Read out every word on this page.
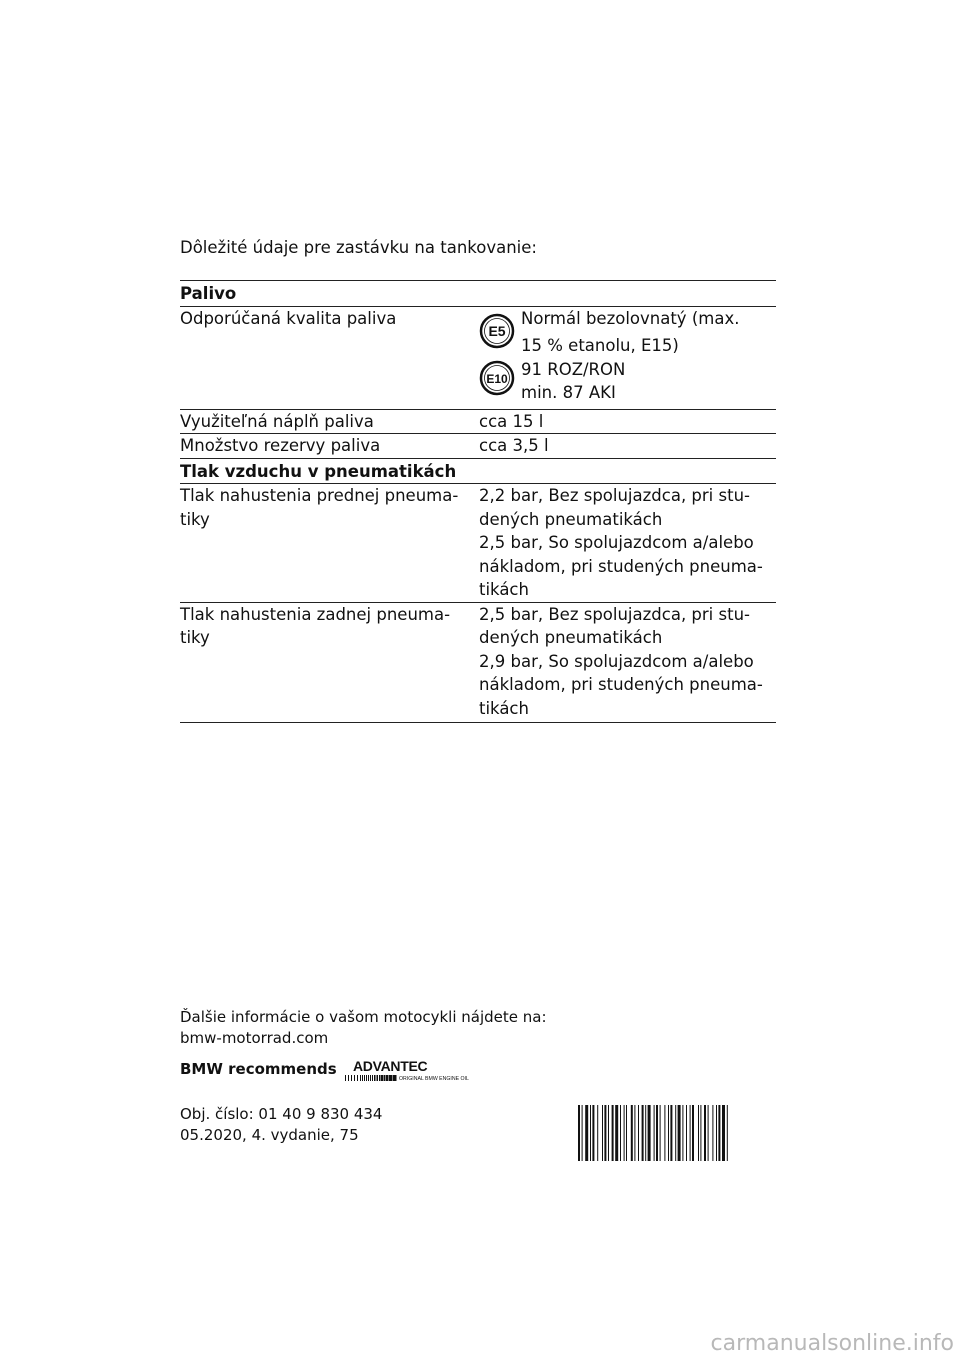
Dôležité údaje pre zastávku na tankovanie:
Palivo
Odporúčaná kvalita paliva
E5
Normál bezolovnatý (max.
15 % etanolu, E15)
E10 91 ROZ/RON
min. 87 AKI
Využiteľná náplň paliva	cca 15 l
Množstvo rezervy paliva	cca 3,5 l
Tlak vzduchu v pneumatikách
Tlak nahustenia prednej pneuma-
tiky
2,2 bar, Bez spolujazdca, pri stu-
dených pneumatikách
2,5 bar, So spolujazdcom a/alebo
nákladom, pri studených pneuma-
tikách
Tlak nahustenia zadnej pneuma-
tiky
2,5 bar, Bez spolujazdca, pri stu-
dených pneumatikách
2,9 bar, So spolujazdcom a/alebo
nákladom, pri studených pneuma-
tikách
Ďalšie informácie o vašom motocykli nájdete na:
bmw-motorrad.com
BMW recommends ADVANTEC
ORIGINAL BMW ENGINE OIL
Obj. číslo: 01 40 9 830 434
05.2020, 4. vydanie, 75
carmanualsonline.info
